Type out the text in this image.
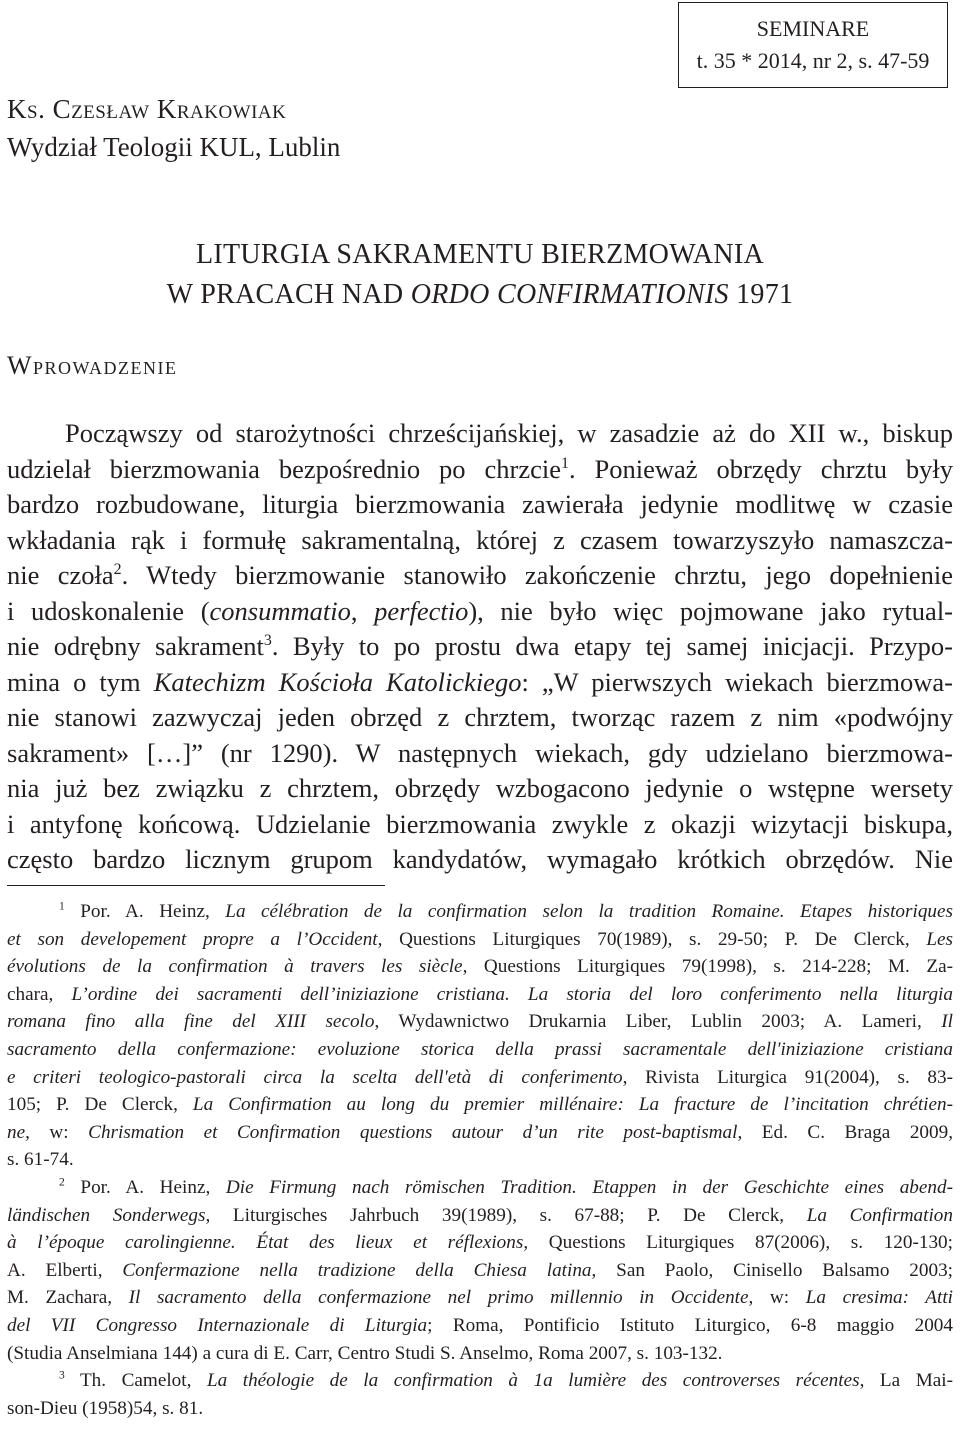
SEMINARE
t. 35 * 2014, nr 2, s. 47-59
Ks. Czesław Krakowiak
Wydział Teologii KUL, Lublin
LITURGIA SAKRAMENTU BIERZMOWANIA
W PRACACH NAD ORDO CONFIRMATIONIS 1971
Wprowadzenie
Począwszy od starożytności chrześcijańskiej, w zasadzie aż do XII w., biskup
udzielał bierzmowania bezpośrednio po chrzcie$^1$. Ponieważ obrzędy chrztu były
bardzo rozbudowane, liturgia bierzmowania zawierała jedynie modlitwę w czasie
wkładania rąk i formułę sakramentalną, której z czasem towarzyszyło namaszcza-
nie czoła$^2$. Wtedy bierzmowanie stanowiło zakończenie chrztu, jego dopełnienie
i udoskonalenie (consummatio, perfectio), nie było więc pojmowane jako rytual-
nie odrębny sakrament$^3$. Były to po prostu dwa etapy tej samej inicjacji. Przypo-
mina o tym Katechizm Kościoła Katolickiego: „W pierwszych wiekach bierzmowa-
nie stanowi zazwyczaj jeden obrzęd z chrztem, tworząc razem z nim «podwójny
sakrament» […]” (nr 1290). W następnych wiekach, gdy udzielano bierzmowa-
nia już bez związku z chrztem, obrzędy wzbogacono jedynie o wstępne wersety
i antyfonę końcową. Udzielanie bierzmowania zwykle z okazji wizytacji biskupa,
często bardzo licznym grupom kandydatów, wymagało krótkich obrzędów. Nie
$^1$ Por. A. Heinz, La célébration de la confirmation selon la tradition Romaine. Etapes historiques
et son developement propre a l’Occident, Questions Liturgiques 70(1989), s. 29-50; P. De Clerck, Les
évolutions de la confirmation à travers les siècle, Questions Liturgiques 79(1998), s. 214-228; M. Za-
chara, L’ordine dei sacramenti dell’iniziazione cristiana. La storia del loro conferimento nella liturgia
romana fino alla fine del XIII secolo, Wydawnictwo Drukarnia Liber, Lublin 2003; A. Lameri, Il
sacramento della confermazione: evoluzione storica della prassi sacramentale dell'iniziazione cristiana
e criteri teologico-pastorali circa la scelta dell'età di conferimento, Rivista Liturgica 91(2004), s. 83-
105; P. De Clerck, La Confirmation au long du premier millénaire: La fracture de l’incitation chrétien-
ne, w: Chrismation et Confirmation questions autour d’un rite post-baptismal, Ed. C. Braga 2009,
s. 61-74.
$^2$ Por. A. Heinz, Die Firmung nach römischen Tradition. Etappen in der Geschichte eines abend-
ländischen Sonderwegs, Liturgisches Jahrbuch 39(1989), s. 67-88; P. De Clerck, La Confirmation
à l’époque carolingienne. État des lieux et réflexions, Questions Liturgiques 87(2006), s. 120-130;
A. Elberti, Confermazione nella tradizione della Chiesa latina, San Paolo, Cinisello Balsamo 2003;
M. Zachara, Il sacramento della confermazione nel primo millennio in Occidente, w: La cresima: Atti
del VII Congresso Internazionale di Liturgia; Roma, Pontificio Istituto Liturgico, 6-8 maggio 2004
(Studia Anselmiana 144) a cura di E. Carr, Centro Studi S. Anselmo, Roma 2007, s. 103-132.
$^3$ Th. Camelot, La théologie de la confirmation à 1a lumière des controverses récentes, La Mai-
son-Dieu (1958)54, s. 81.
